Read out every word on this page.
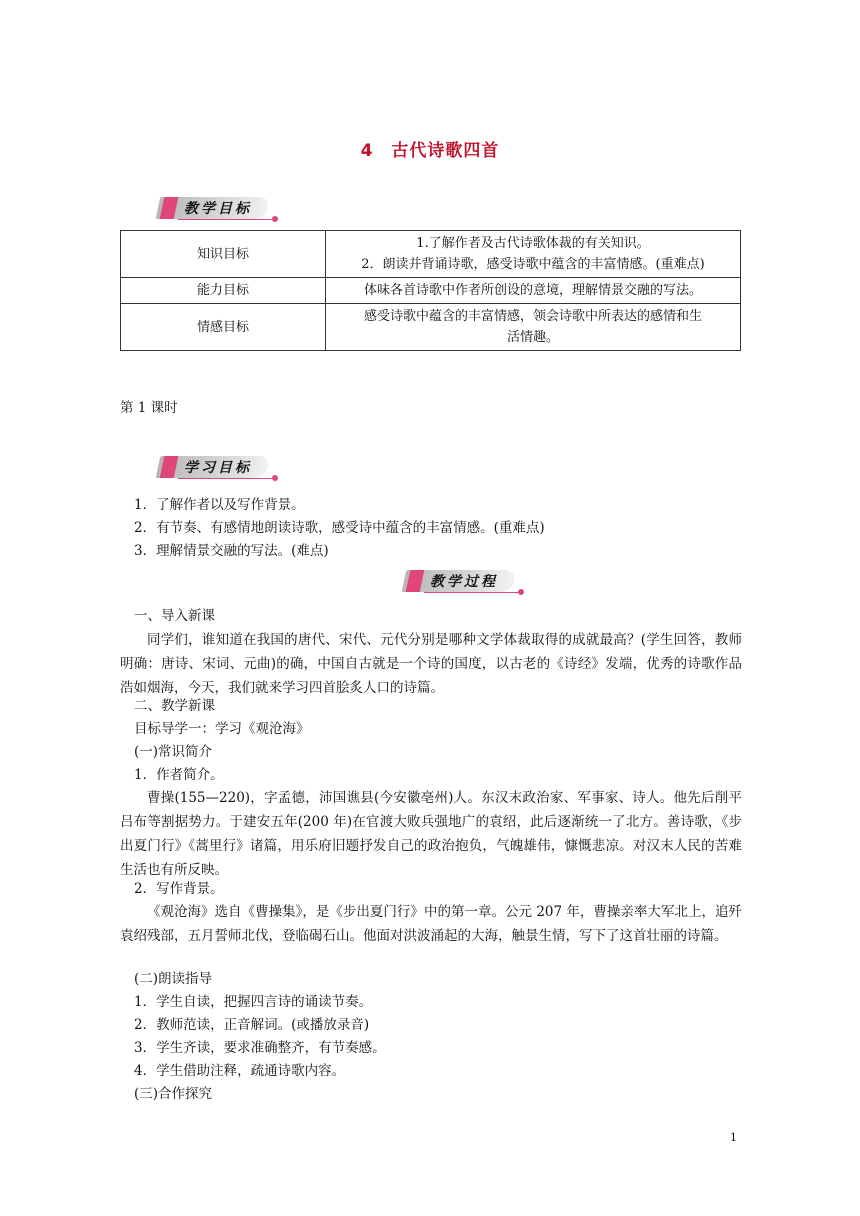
4 古代诗歌四首
教学目标
知识目标	1.了解作者及古代诗歌体裁的有关知识。
2．朗读并背诵诗歌，感受诗歌中蕴含的丰富情感。(重难点)

能力目标	体味各首诗歌中作者所创设的意境，理解情景交融的写法。

情感目标	感受诗歌中蕴含的丰富情感，领会诗歌中所表达的感情和生
活情趣。
第 1 课时
学习目标
1．了解作者以及写作背景。
2．有节奏、有感情地朗读诗歌，感受诗中蕴含的丰富情感。(重难点)
3．理解情景交融的写法。(难点)
教学过程
一、导入新课
同学们，谁知道在我国的唐代、宋代、元代分别是哪种文学体裁取得的成就最高？(学生回答，教师明确：唐诗、宋词、元曲)的确，中国自古就是一个诗的国度，以古老的《诗经》发端，优秀的诗歌作品浩如烟海，今天，我们就来学习四首脍炙人口的诗篇。
二、教学新课
目标导学一：学习《观沧海》
(一)常识简介
1．作者简介。
曹操(155—220)，字孟德，沛国谯县(今安徽亳州)人。东汉末政治家、军事家、诗人。他先后削平吕布等割据势力。于建安五年(200 年)在官渡大败兵强地广的袁绍，此后逐渐统一了北方。善诗歌，《步出夏门行》《蒿里行》诸篇，用乐府旧题抒发自己的政治抱负，气魄雄伟，慷慨悲凉。对汉末人民的苦难生活也有所反映。
2．写作背景。
《观沧海》选自《曹操集》，是《步出夏门行》中的第一章。公元 207 年，曹操亲率大军北上，追歼袁绍残部，五月誓师北伐，登临碣石山。他面对洪波涌起的大海，触景生情，写下了这首壮丽的诗篇。
(二)朗读指导
1．学生自读，把握四言诗的诵读节奏。
2．教师范读，正音解词。(或播放录音)
3．学生齐读，要求准确整齐，有节奏感。
4．学生借助注释，疏通诗歌内容。
(三)合作探究
1
